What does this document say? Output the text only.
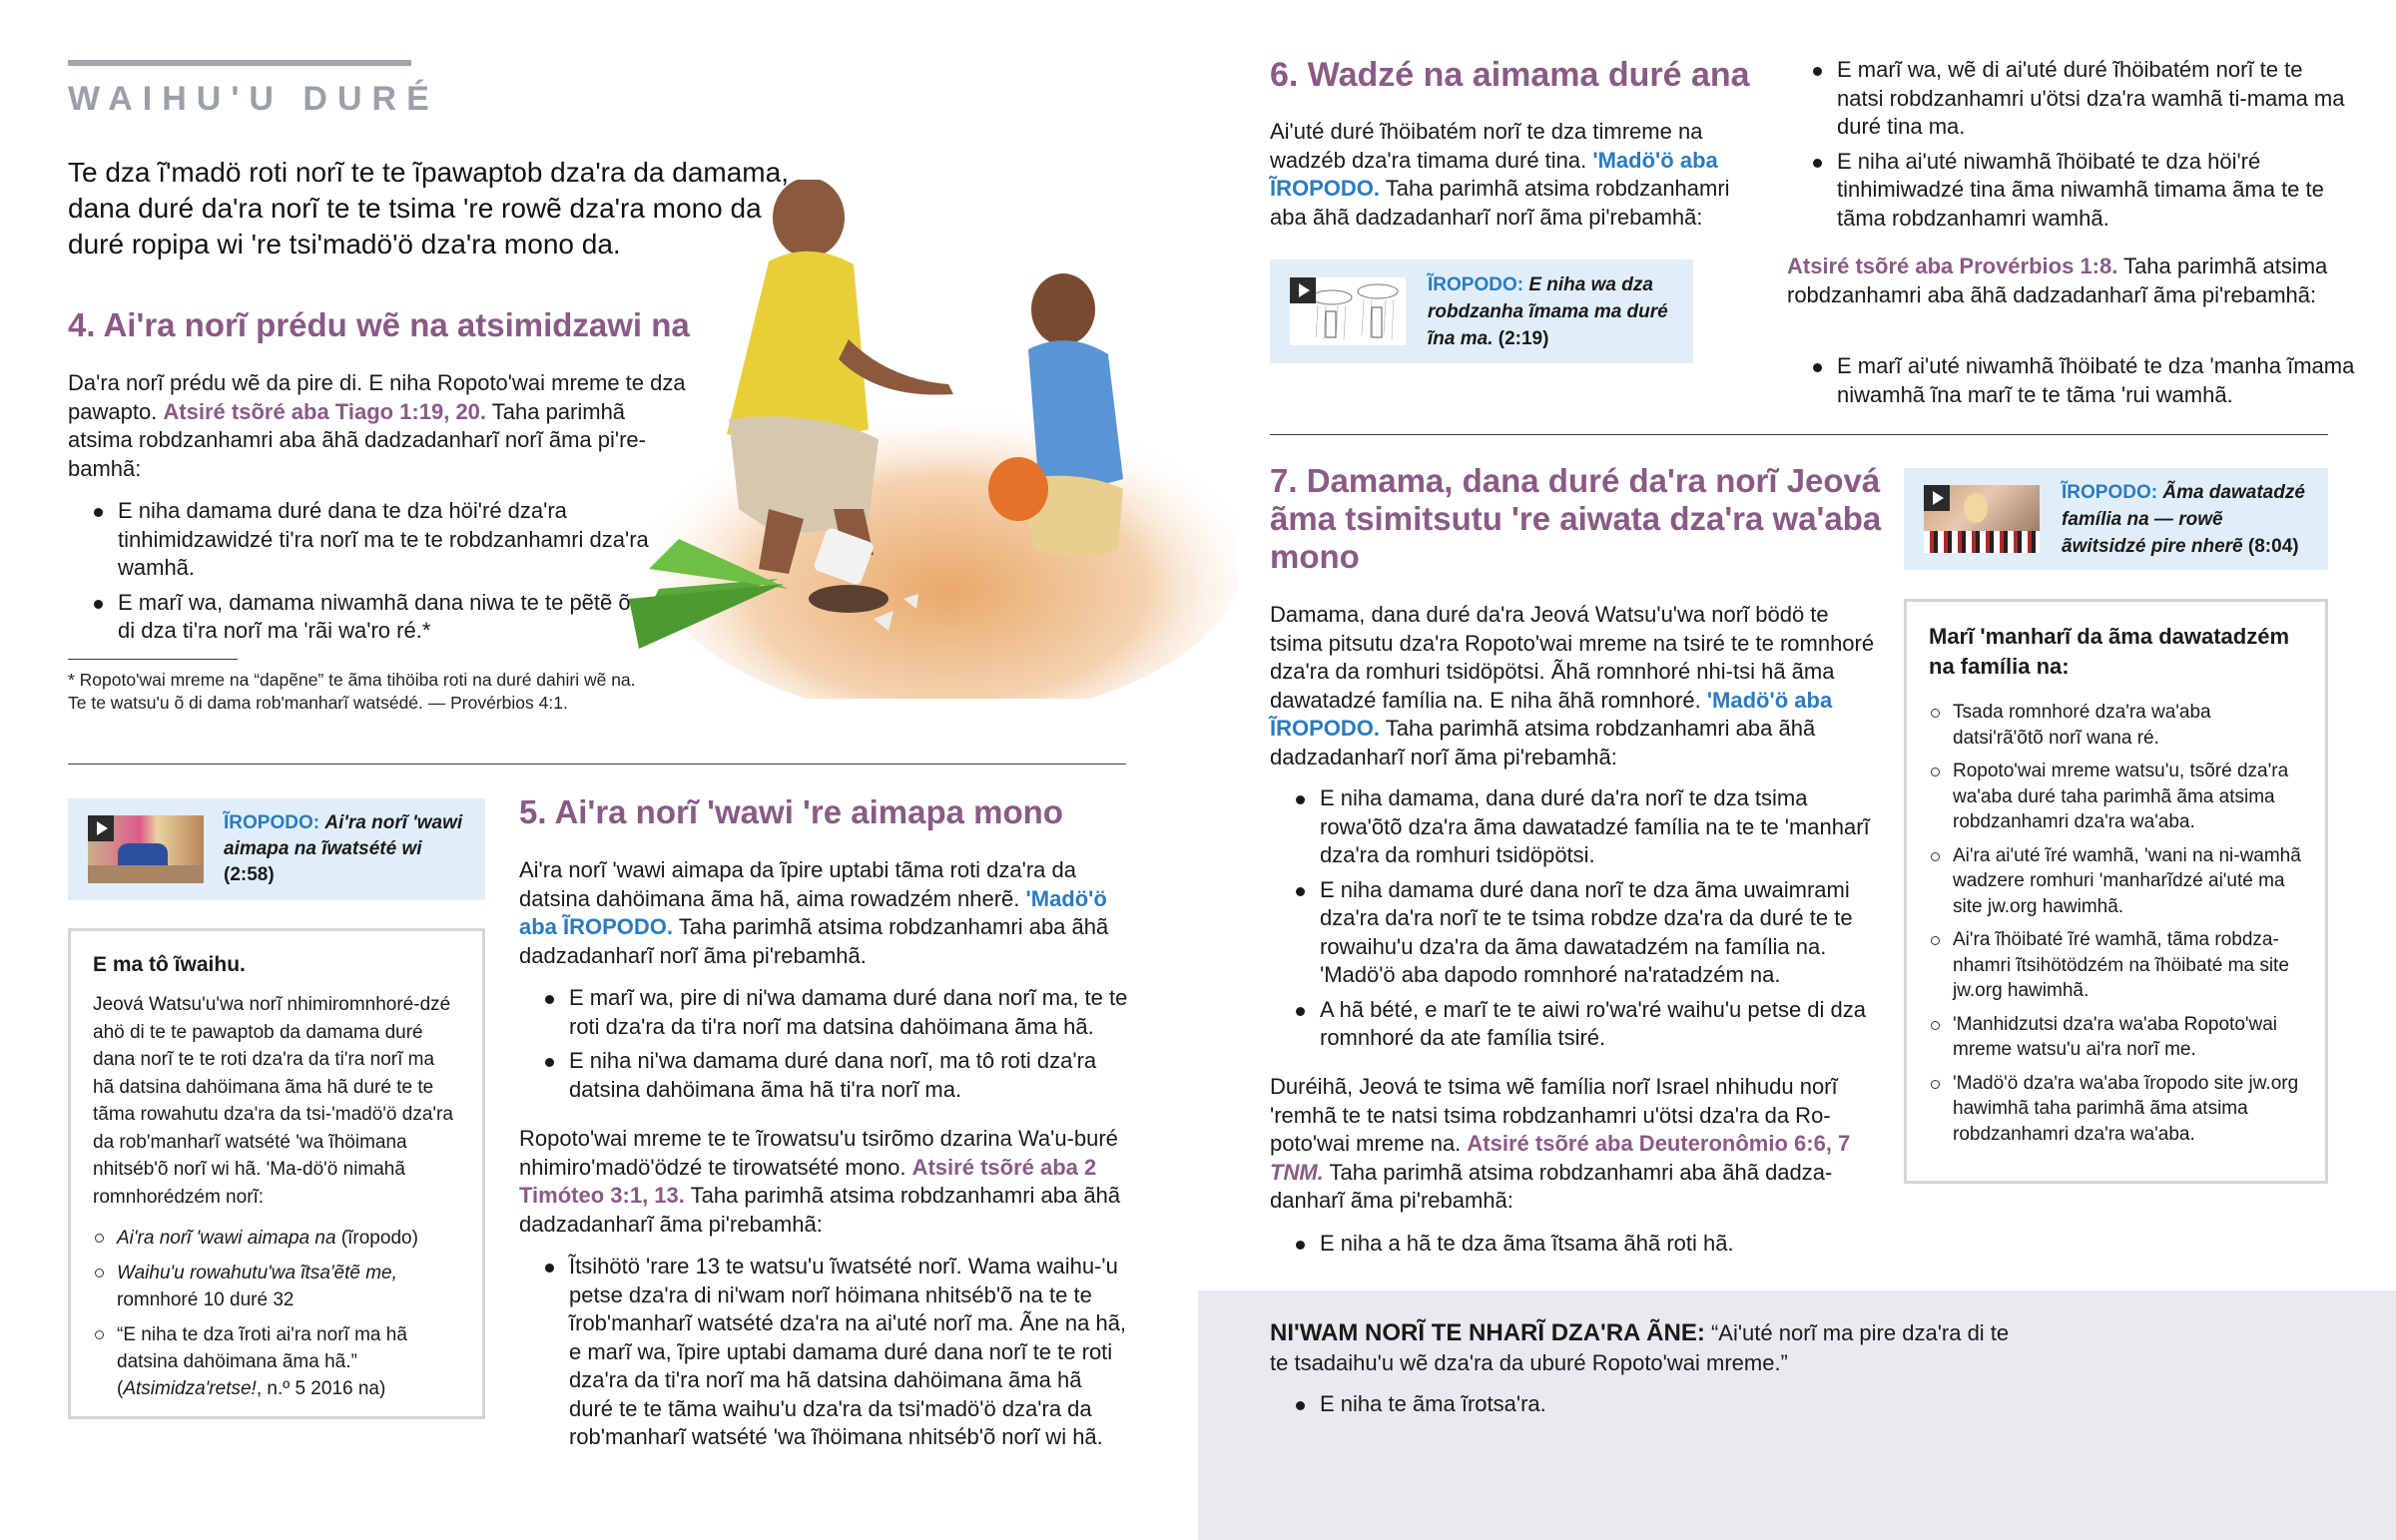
WAIHU'U DURÉ
Te dza ĩ'madö roti norĩ te te ĩpawaptob dza'ra da damama, dana duré da'ra norĩ te te tsima 're rowẽ dza'ra mono da duré ropipa wi 're tsi'madö'ö dza'ra mono da.
4. Ai'ra norĩ prédu wẽ na atsimidzawi na
Da'ra norĩ prédu wẽ da pire di. E niha Ropoto'wai mreme te dza pawapto. Atsiré tsõré aba Tiago 1:19, 20. Taha parimhã atsima robdzanhamri aba ãhã dadzadanharĩ norĩ ãma pi're-bamhã:
E niha damama duré dana te dza höi'ré dza'ra tinhimidzawidzé ti'ra norĩ ma te te robdzanhamri dza'ra wamhã.
E marĩ wa, damama niwamhã dana niwa te te pẽtẽ õ di dza ti'ra norĩ ma 'rãi wa'ro ré.*
* Ropoto'wai mreme na “dapẽne” te ãma tihöiba roti na duré dahiri wẽ na. Te te watsu'u õ di dama rob'manharĩ watsédé. — Provérbios 4:1.
ĨROPODO: Ai'ra norĩ 'wawi aimapa na ĩwatsété wi (2:58)
E ma tô ĩwaihu.
Jeová Watsu'u'wa norĩ nhimiromnhoré-dzé ahö di te te pawaptob da damama duré dana norĩ te te roti dza'ra da ti'ra norĩ ma hã datsina dahöimana ãma hã duré te te tãma rowahutu dza'ra da tsi-'madö'ö dza'ra da rob'manharĩ watsété 'wa ĩhöimana nhitséb'õ norĩ wi hã. 'Ma-dö'ö nimahã romnhorédzém norĩ:
Ai'ra norĩ 'wawi aimapa na (ĩropodo)
Waihu'u rowahutu'wa ĩtsa'ẽtẽ me, romnhoré 10 duré 32
“E niha te dza ĩroti ai'ra norĩ ma hã datsina dahöimana ãma hã.” (Atsimidza'retse!, n.º 5 2016 na)
5. Ai'ra norĩ 'wawi 're aimapa mono
Ai'ra norĩ 'wawi aimapa da ĩpire uptabi tãma roti dza'ra da datsina dahöimana ãma hã, aima rowadzém nherẽ. 'Madö'ö aba ĨROPODO. Taha parimhã atsima robdzanhamri aba ãhã dadzadanharĩ norĩ ãma pi'rebamhã.
E marĩ wa, pire di ni'wa damama duré dana norĩ ma, te te roti dza'ra da ti'ra norĩ ma datsina dahöimana ãma hã.
E niha ni'wa damama duré dana norĩ, ma tô roti dza'ra datsina dahöimana ãma hã ti'ra norĩ ma.
Ropoto'wai mreme te te ĩrowatsu'u tsirõmo dzarina Wa'u-buré nhimiro'madö'ödzé te tirowatsété mono. Atsiré tsõré aba 2 Timóteo 3:1, 13. Taha parimhã atsima robdzanhamri aba ãhã dadzadanharĩ ãma pi'rebamhã:
Ĩtsihötö 'rare 13 te watsu'u ĩwatsété norĩ. Wama waihu-'u petse dza'ra di ni'wam norĩ höimana nhitséb'õ na te te ĩrob'manharĩ watsété dza'ra na ai'uté norĩ ma. Ãne na hã, e marĩ wa, ĩpire uptabi damama duré dana norĩ te te roti dza'ra da ti'ra norĩ ma hã datsina dahöimana ãma hã duré te te tãma waihu'u dza'ra da tsi'madö'ö dza'ra da rob'manharĩ watsété 'wa ĩhöimana nhitséb'õ norĩ wi hã.
6. Wadzé na aimama duré ana
Ai'uté duré ĩhöibatém norĩ te dza timreme na wadzéb dza'ra timama duré tina. 'Madö'ö aba ĨROPODO. Taha parimhã atsima robdzanhamri aba ãhã dadzadanharĩ norĩ ãma pi'rebamhã:
ĨROPODO: E niha wa dza robdzanha ĩmama ma duré ĩna ma. (2:19)
E marĩ wa, wẽ di ai'uté duré ĩhöibatém norĩ te te natsi robdzanhamri u'ötsi dza'ra wamhã ti-mama ma duré tina ma.
E niha ai'uté niwamhã ĩhöibaté te dza höi'ré tinhimiwadzé tina ãma niwamhã timama ãma te te tãma robdzanhamri wamhã.
Atsiré tsõré aba Provérbios 1:8. Taha parimhã atsima robdzanhamri aba ãhã dadzadanharĩ ãma pi'rebamhã:
E marĩ ai'uté niwamhã ĩhöibaté te dza 'manha ĩmama niwamhã ĩna marĩ te te tãma 'rui wamhã.
7. Damama, dana duré da'ra norĩ Jeová ãma tsimitsutu 're aiwata dza'ra wa'aba mono
Damama, dana duré da'ra Jeová Watsu'u'wa norĩ bödö te tsima pitsutu dza'ra Ropoto'wai mreme na tsiré te te romnhoré dza'ra da romhuri tsidöpötsi. Ãhã romnhoré nhi-tsi hã ãma dawatadzé família na. E niha ãhã romnhoré. 'Madö'ö aba ĨROPODO. Taha parimhã atsima robdzanhamri aba ãhã dadzadanharĩ norĩ ãma pi'rebamhã:
E niha damama, dana duré da'ra norĩ te dza tsima rowa'õtõ dza'ra ãma dawatadzé família na te te 'manharĩ dza'ra da romhuri tsidöpötsi.
E niha damama duré dana norĩ te dza ãma uwaimrami dza'ra da'ra norĩ te te tsima robdze dza'ra da duré te te rowaihu'u dza'ra da ãma dawatadzém na família na. 'Madö'ö aba dapodo romnhoré na'ratadzém na.
A hã bété, e marĩ te te aiwi ro'wa'ré waihu'u petse di dza romnhoré da ate família tsiré.
Duréihã, Jeová te tsima wẽ família norĩ Israel nhihudu norĩ 'remhã te te natsi tsima robdzanhamri u'ötsi dza'ra da Ro-poto'wai mreme na. Atsiré tsõré aba Deuteronômio 6:6, 7 TNM. Taha parimhã atsima robdzanhamri aba ãhã dadza-danharĩ ãma pi'rebamhã:
E niha a hã te dza ãma ĩtsama ãhã roti hã.
ĨROPODO: Ãma dawatadzé família na — rowẽ ãwitsidzé pire nherẽ (8:04)
Marĩ 'manharĩ da ãma dawatadzém na família na:
Tsada romnhoré dza'ra wa'aba datsi'rã'õtõ norĩ wana ré.
Ropoto'wai mreme watsu'u, tsõré dza'ra wa'aba duré taha parimhã ãma atsima robdzanhamri dza'ra wa'aba.
Ai'ra ai'uté ĩré wamhã, 'wani na ni-wamhã wadzere romhuri 'manharĩdzé ai'uté ma site jw.org hawimhã.
Ai'ra ĩhöibaté ĩré wamhã, tãma robdza-nhamri ĩtsihötödzém na ĩhöibaté ma site jw.org hawimhã.
'Manhidzutsi dza'ra wa'aba Ropoto'wai mreme watsu'u ai'ra norĩ me.
'Madö'ö dza'ra wa'aba ĩropodo site jw.org hawimhã taha parimhã ãma atsima robdzanhamri dza'ra wa'aba.
NI'WAM NORĨ TE NHARĨ DZA'RA ÃNE: “Ai'uté norĩ ma pire dza'ra di te te tsadaihu'u wẽ dza'ra da uburé Ropoto'wai mreme.”
E niha te ãma ĩrotsa'ra.
